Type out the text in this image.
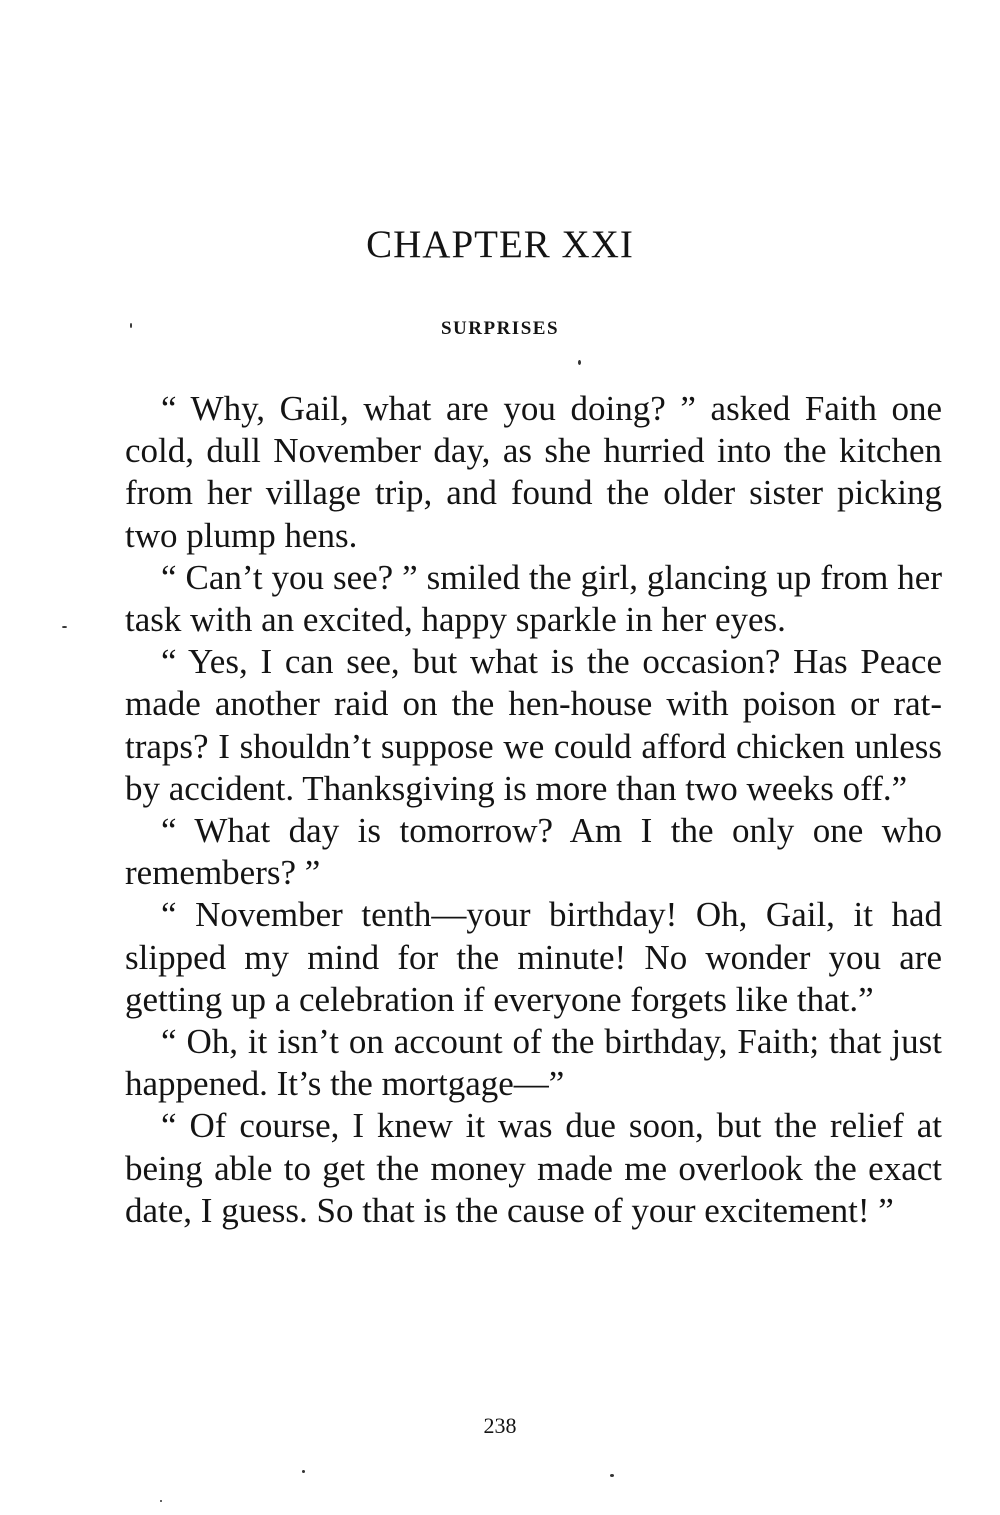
CHAPTER XXI
SURPRISES

“ Why, Gail, what are you doing? ” asked Faith one cold, dull November day, as she hurried into the kitchen from her village trip, and found the older sister picking two plump hens.

“ Can’t you see? ” smiled the girl, glancing up from her task with an excited, happy sparkle in her eyes.

“ Yes, I can see, but what is the occasion? Has Peace made another raid on the hen-house with poison or rat-traps? I shouldn’t suppose we could afford chicken unless by accident. Thanksgiving is more than two weeks off.”

“ What day is tomorrow? Am I the only one who remembers? ”

“ November tenth—your birthday! Oh, Gail, it had slipped my mind for the minute! No wonder you are getting up a celebration if everyone forgets like that.”

“ Oh, it isn’t on account of the birthday, Faith; that just happened. It’s the mortgage—”

“ Of course, I knew it was due soon, but the relief at being able to get the money made me overlook the exact date, I guess. So that is the cause of your excitement! ”

238
